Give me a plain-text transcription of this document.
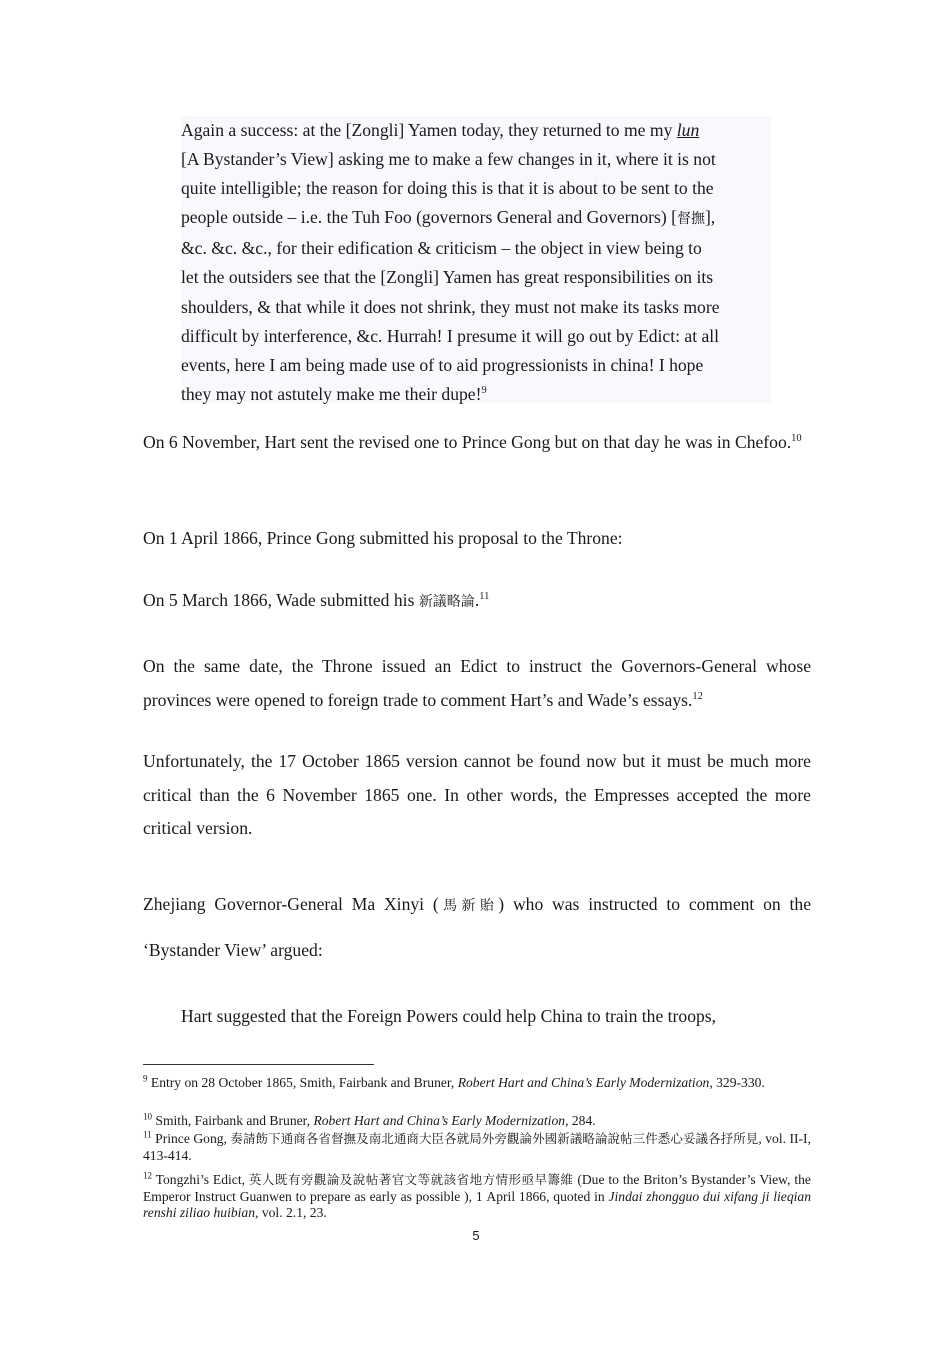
Again a success: at the [Zongli] Yamen today, they returned to me my lun
[A Bystander’s View] asking me to make a few changes in it, where it is not
quite intelligible; the reason for doing this is that it is about to be sent to the
people outside – i.e. the Tuh Foo (governors General and Governors) [督撫],
&c. &c. &c., for their edification & criticism – the object in view being to
let the outsiders see that the [Zongli] Yamen has great responsibilities on its
shoulders, & that while it does not shrink, they must not make its tasks more
difficult by interference, &c. Hurrah! I presume it will go out by Edict: at all
events, here I am being made use of to aid progressionists in china! I hope
they may not astutely make me their dupe!$^9$

On 6 November, Hart sent the revised one to Prince Gong but on that day he was in Chefoo.$^{10}$

On 1 April 1866, Prince Gong submitted his proposal to the Throne:

On 5 March 1866, Wade submitted his 新議略論.$^{11}$

On the same date, the Throne issued an Edict to instruct the Governors-General whose provinces were opened to foreign trade to comment Hart’s and Wade’s essays.$^{12}$

Unfortunately, the 17 October 1865 version cannot be found now but it must be much more critical than the 6 November 1865 one. In other words, the Empresses accepted the more critical version.

Zhejiang Governor-General Ma Xinyi (馬新貽) who was instructed to comment on the ‘Bystander View’ argued:

Hart suggested that the Foreign Powers could help China to train the troops,

$^9$ Entry on 28 October 1865, Smith, Fairbank and Bruner, Robert Hart and China’s Early Modernization, 329-330.
$^{10}$ Smith, Fairbank and Bruner, Robert Hart and China’s Early Modernization, 284.
$^{11}$ Prince Gong, 奏請飭下通商各省督撫及南北通商大臣各就局外旁觀論外國新議略論說帖三件悉心妥議各抒所見, vol. II-I, 413-414.
$^{12}$ Tongzhi’s Edict, 英人既有旁觀論及說帖著官文等就該省地方情形亟早籌維 (Due to the Briton’s Bystander’s View, the Emperor Instruct Guanwen to prepare as early as possible ), 1 April 1866, quoted in Jindai zhongguo dui xifang ji lieqian renshi ziliao huibian, vol. 2.1, 23.
5
